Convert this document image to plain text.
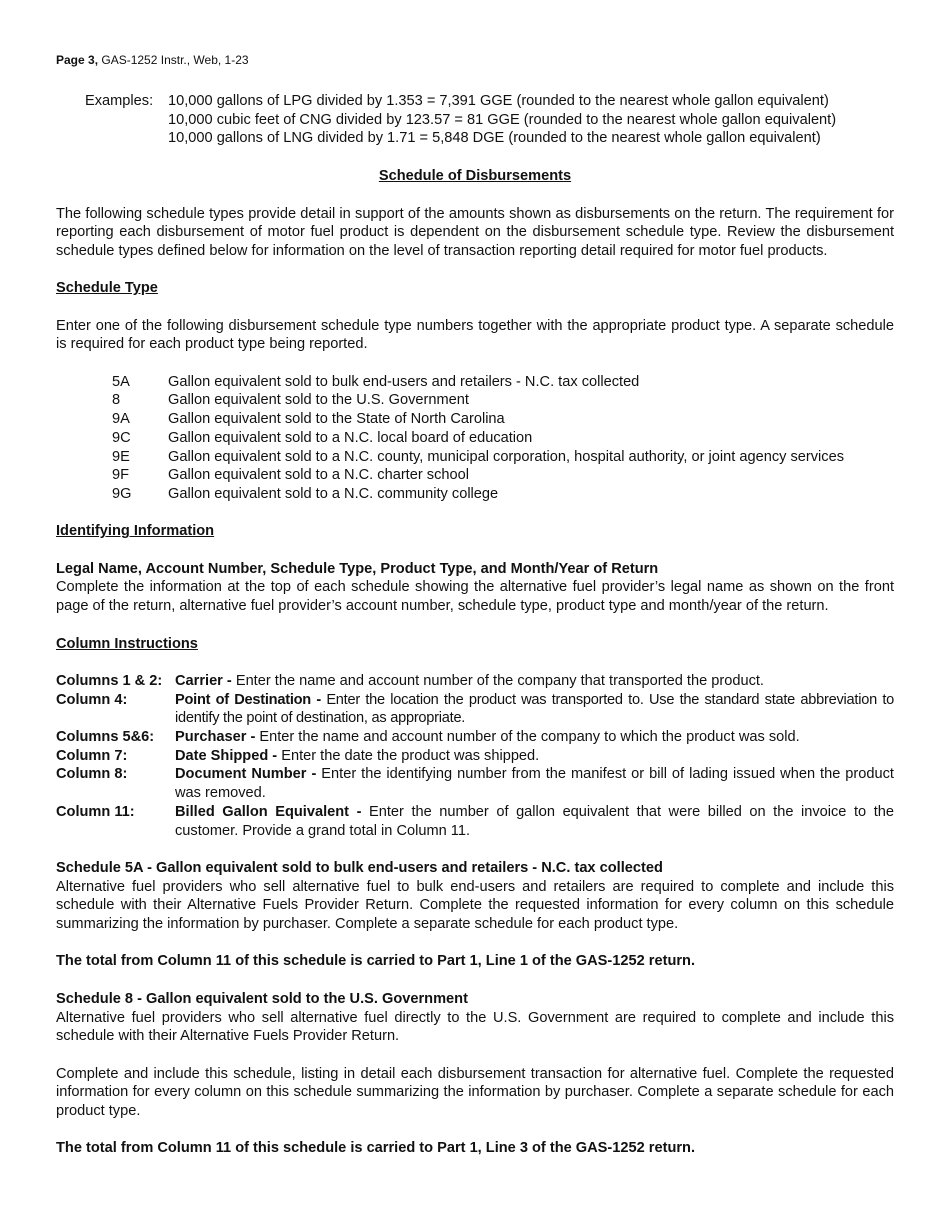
Page 3, GAS-1252 Instr., Web, 1-23
Examples:	10,000 gallons of LPG divided by 1.353 = 7,391 GGE (rounded to the nearest whole gallon equivalent)
10,000 cubic feet of CNG divided by 123.57 = 81 GGE (rounded to the nearest whole gallon equivalent)
10,000 gallons of LNG divided by 1.71 = 5,848 DGE (rounded to the nearest whole gallon equivalent)
Schedule of Disbursements

The following schedule types provide detail in support of the amounts shown as disbursements on the return. The requirement for reporting each disbursement of motor fuel product is dependent on the disbursement schedule type. Review the disbursement schedule types defined below for information on the level of transaction reporting detail required for motor fuel products.

Schedule Type

Enter one of the following disbursement schedule type numbers together with the appropriate product type. A separate schedule is required for each product type being reported.

5A	Gallon equivalent sold to bulk end-users and retailers - N.C. tax collected
8	Gallon equivalent sold to the U.S. Government
9A	Gallon equivalent sold to the State of North Carolina
9C	Gallon equivalent sold to a N.C. local board of education
9E	Gallon equivalent sold to a N.C. county, municipal corporation, hospital authority, or joint agency services
9F	Gallon equivalent sold to a N.C. charter school
9G	Gallon equivalent sold to a N.C. community college
Identifying Information
Legal Name, Account Number, Schedule Type, Product Type, and Month/Year of Return

Complete the information at the top of each schedule showing the alternative fuel provider’s legal name as shown on the front page of the return, alternative fuel provider’s account number, schedule type, product type and month/year of the return.

Column Instructions
Columns 1 & 2: Carrier - Enter the name and account number of the company that transported the product.
Column 4:	Point of Destination - Enter the location the product was transported to. Use the standard state abbreviation to identify the point of destination, as appropriate.
Columns 5&6:	Purchaser - Enter the name and account number of the company to which the product was sold.
Column 7:	Date Shipped - Enter the date the product was shipped.
Column 8:	Document Number - Enter the identifying number from the manifest or bill of lading issued when the product was removed.
Column 11:	Billed Gallon Equivalent - Enter the number of gallon equivalent that were billed on the invoice to the customer. Provide a grand total in Column 11.
Schedule 5A - Gallon equivalent sold to bulk end-users and retailers - N.C. tax collected

Alternative fuel providers who sell alternative fuel to bulk end-users and retailers are required to complete and include this schedule with their Alternative Fuels Provider Return. Complete the requested information for every column on this schedule summarizing the information by purchaser. Complete a separate schedule for each product type.

The total from Column 11 of this schedule is carried to Part 1, Line 1 of the GAS-1252 return.
Schedule 8 - Gallon equivalent sold to the U.S. Government

Alternative fuel providers who sell alternative fuel directly to the U.S. Government are required to complete and include this schedule with their Alternative Fuels Provider Return.

Complete and include this schedule, listing in detail each disbursement transaction for alternative fuel. Complete the requested information for every column on this schedule summarizing the information by purchaser. Complete a separate schedule for each product type.

The total from Column 11 of this schedule is carried to Part 1, Line 3 of the GAS-1252 return.
